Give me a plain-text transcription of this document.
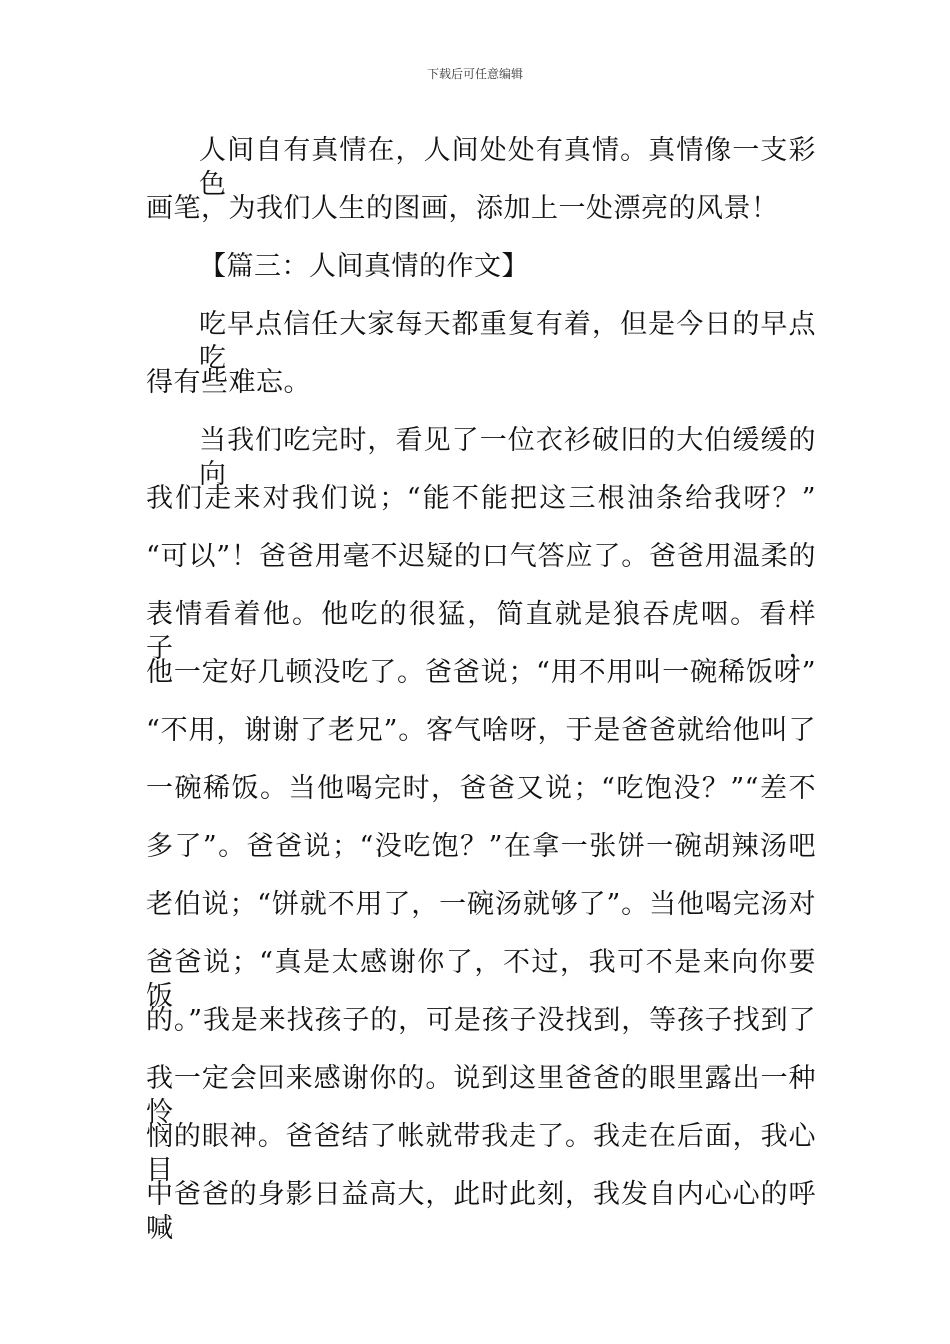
下载后可任意编辑
人间自有真情在，人间处处有真情。真情像一支彩色
画笔，为我们人生的图画，添加上一处漂亮的风景！
【篇三：人间真情的作文】
吃早点信任大家每天都重复有着，但是今日的早点吃
得有些难忘。
当我们吃完时，看见了一位衣衫破旧的大伯缓缓的向
我们走来对我们说；“能不能把这三根油条给我呀？”
“可以”！爸爸用毫不迟疑的口气答应了。爸爸用温柔的
表情看着他。他吃的很猛，简直就是狼吞虎咽。看样子，
他一定好几顿没吃了。爸爸说；“用不用叫一碗稀饭呀”
“不用，谢谢了老兄”。客气啥呀，于是爸爸就给他叫了
一碗稀饭。当他喝完时，爸爸又说；“吃饱没？”“差不
多了”。爸爸说；“没吃饱？”在拿一张饼一碗胡辣汤吧
老伯说；“饼就不用了，一碗汤就够了”。当他喝完汤对
爸爸说；“真是太感谢你了，不过，我可不是来向你要饭
的。”我是来找孩子的，可是孩子没找到，等孩子找到了
我一定会回来感谢你的。说到这里爸爸的眼里露出一种怜
悯的眼神。爸爸结了帐就带我走了。我走在后面，我心目
中爸爸的身影日益高大，此时此刻，我发自内心心的呼喊
